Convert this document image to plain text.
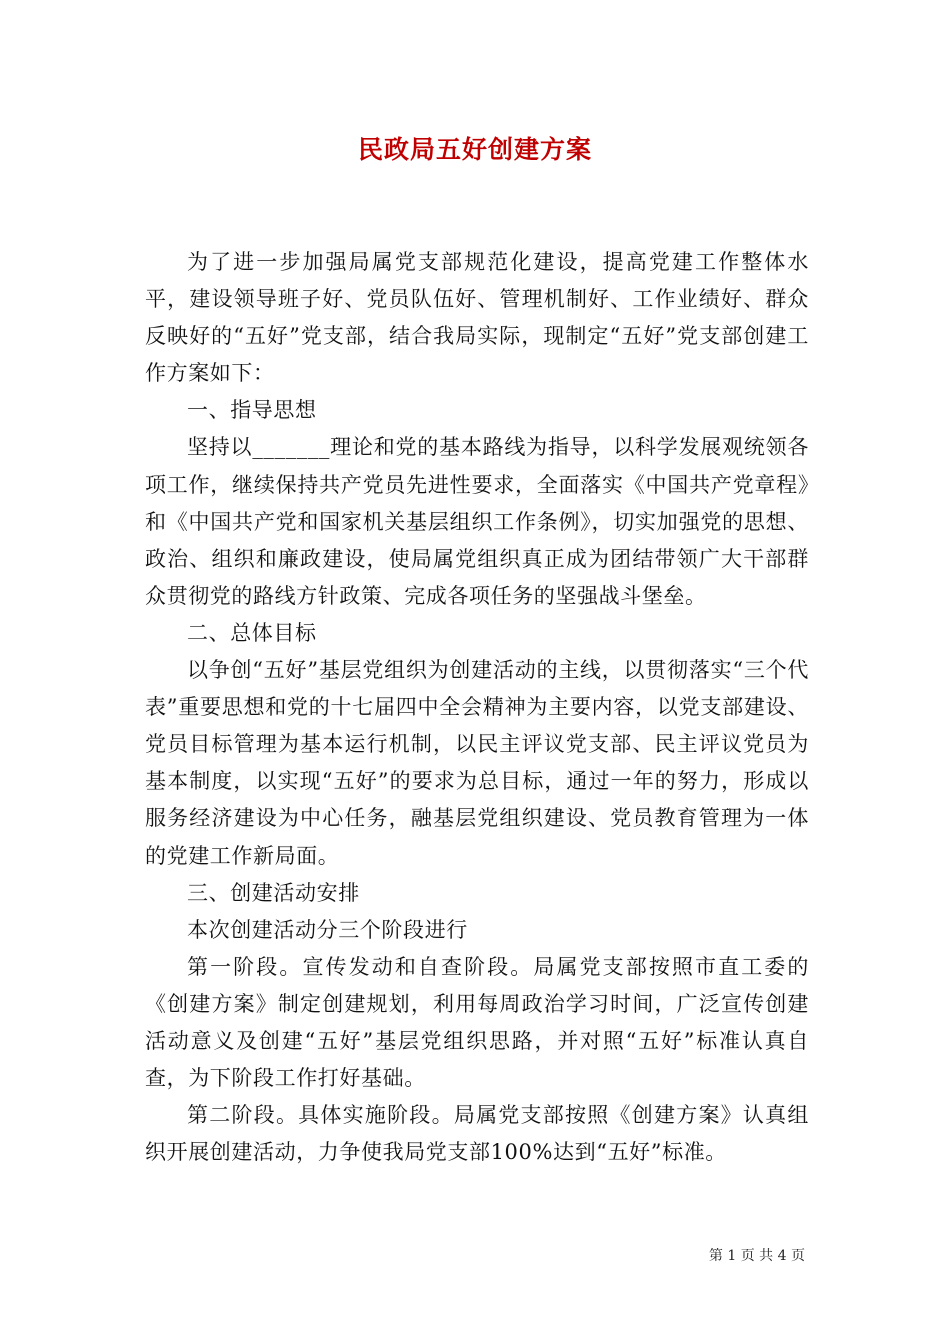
民政局五好创建方案

为了进一步加强局属党支部规范化建设，提高党建工作整体水平，建设领导班子好、党员队伍好、管理机制好、工作业绩好、群众反映好的“五好”党支部，结合我局实际，现制定“五好”党支部创建工作方案如下：

一、指导思想

坚持以_______理论和党的基本路线为指导，以科学发展观统领各项工作，继续保持共产党员先进性要求，全面落实《中国共产党章程》和《中国共产党和国家机关基层组织工作条例》，切实加强党的思想、政治、组织和廉政建设，使局属党组织真正成为团结带领广大干部群众贯彻党的路线方针政策、完成各项任务的坚强战斗堡垒。

二、总体目标

以争创“五好”基层党组织为创建活动的主线，以贯彻落实“三个代表”重要思想和党的十七届四中全会精神为主要内容，以党支部建设、党员目标管理为基本运行机制，以民主评议党支部、民主评议党员为基本制度，以实现“五好”的要求为总目标，通过一年的努力，形成以服务经济建设为中心任务，融基层党组织建设、党员教育管理为一体的党建工作新局面。

三、创建活动安排

本次创建活动分三个阶段进行

第一阶段。宣传发动和自查阶段。局属党支部按照市直工委的《创建方案》制定创建规划，利用每周政治学习时间，广泛宣传创建活动意义及创建“五好”基层党组织思路，并对照“五好”标准认真自查，为下阶段工作打好基础。

第二阶段。具体实施阶段。局属党支部按照《创建方案》认真组织开展创建活动，力争使我局党支部100%达到“五好”标准。

第 1 页 共 4 页
